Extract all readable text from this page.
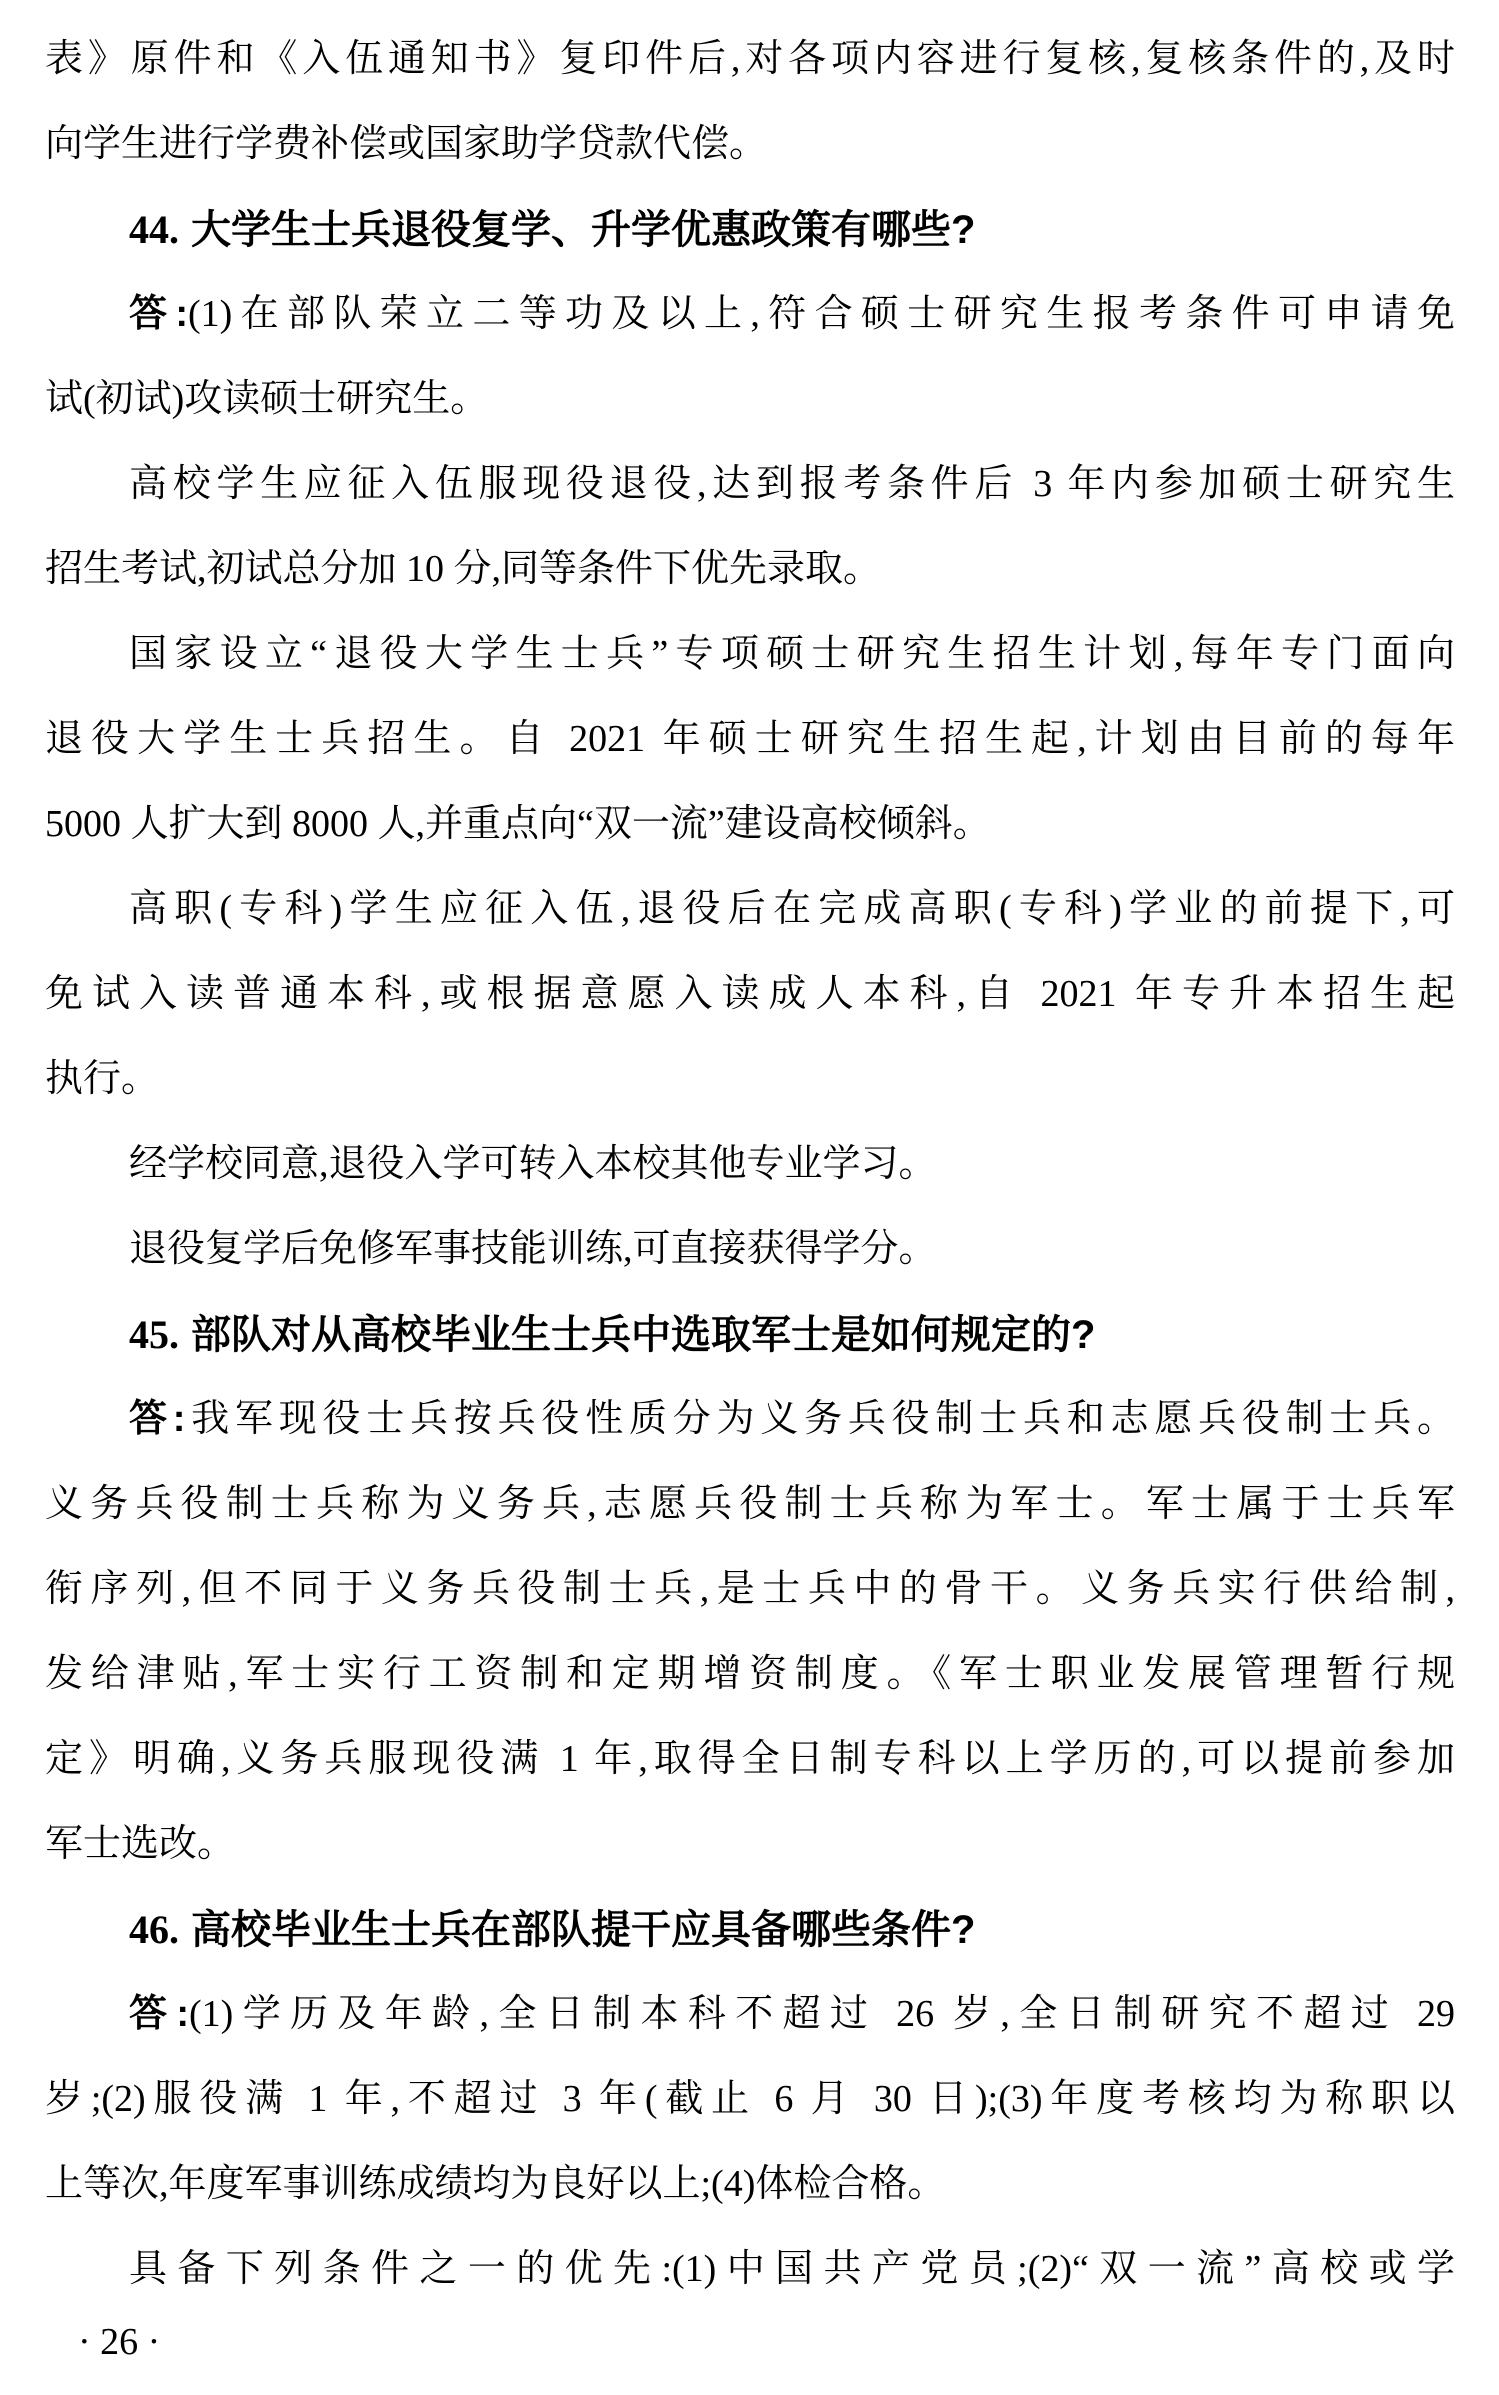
表》原件和《入伍通知书》复印件后,对各项内容进行复核,复核条件的,及时
向学生进行学费补偿或国家助学贷款代偿。
44. 大学生士兵退役复学、升学优惠政策有哪些?
答:(1)在部队荣立二等功及以上,符合硕士研究生报考条件可申请免
试(初试)攻读硕士研究生。
高校学生应征入伍服现役退役,达到报考条件后 3 年内参加硕士研究生
招生考试,初试总分加 10 分,同等条件下优先录取。
国家设立“退役大学生士兵”专项硕士研究生招生计划,每年专门面向
退役大学生士兵招生。自 2021 年硕士研究生招生起,计划由目前的每年
5000 人扩大到 8000 人,并重点向“双一流”建设高校倾斜。
高职(专科)学生应征入伍,退役后在完成高职(专科)学业的前提下,可
免试入读普通本科,或根据意愿入读成人本科,自 2021 年专升本招生起
执行。
经学校同意,退役入学可转入本校其他专业学习。
退役复学后免修军事技能训练,可直接获得学分。
45. 部队对从高校毕业生士兵中选取军士是如何规定的?
答:我军现役士兵按兵役性质分为义务兵役制士兵和志愿兵役制士兵。
义务兵役制士兵称为义务兵,志愿兵役制士兵称为军士。军士属于士兵军
衔序列,但不同于义务兵役制士兵,是士兵中的骨干。义务兵实行供给制,
发给津贴,军士实行工资制和定期增资制度。《军士职业发展管理暂行规
定》明确,义务兵服现役满 1 年,取得全日制专科以上学历的,可以提前参加
军士选改。
46. 高校毕业生士兵在部队提干应具备哪些条件?
答:(1)学历及年龄,全日制本科不超过 26 岁,全日制研究不超过 29
岁;(2)服役满 1 年,不超过 3 年(截止 6 月 30 日);(3)年度考核均为称职以
上等次,年度军事训练成绩均为良好以上;(4)体检合格。
具备下列条件之一的优先:(1)中国共产党员;(2)“双一流”高校或学
· 26 ·
